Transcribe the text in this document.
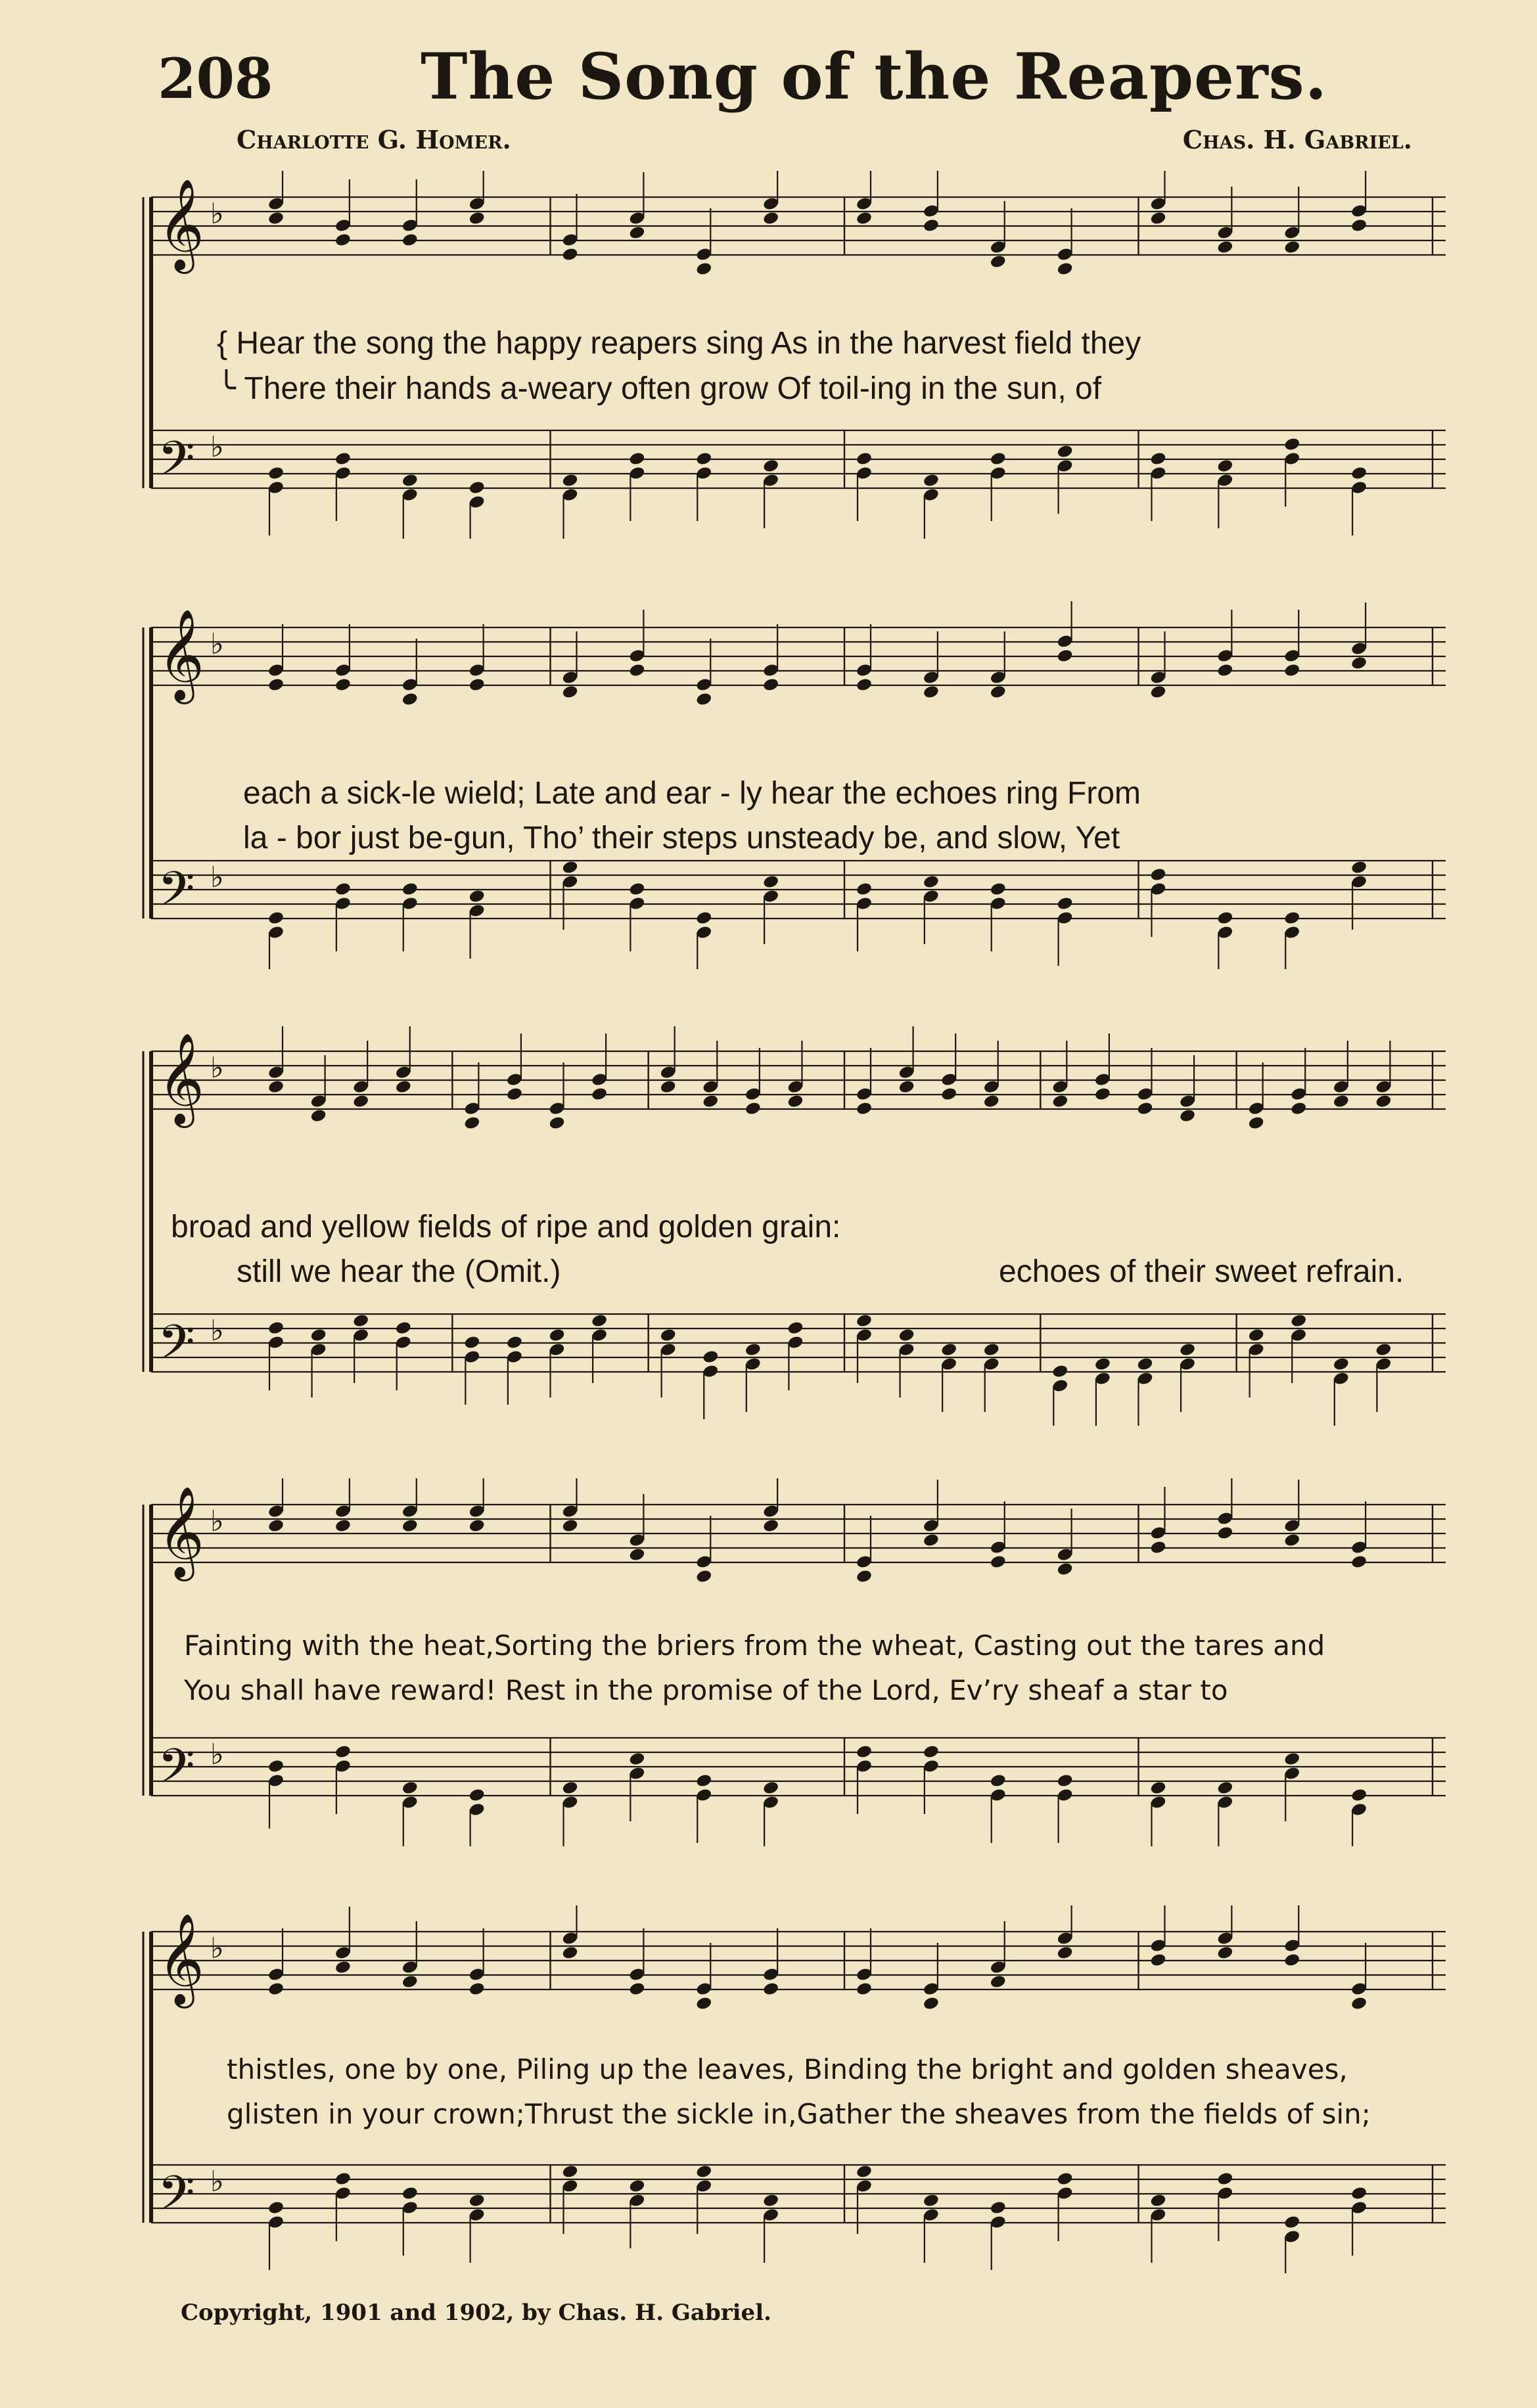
208 The Song of the Reapers.
Charlotte G. Homer.	Chas. H. Gabriel.
𝄞 ♭
𝄢 ♭
{ Hear the song the happy reapers sing As in the harvest field they
╰ There their hands a-weary often grow Of toil-ing in the sun, of
𝄞 ♭
𝄢 ♭
each a sick-le wield; Late and ear - ly hear the echoes ring From
la - bor just be-gun, Tho’ their steps unsteady be, and slow, Yet
𝄞 ♭
𝄢 ♭
broad and yellow fields of ripe and golden grain:
still we hear the (Omit.)	echoes of their sweet refrain.
𝄞 ♭
𝄢 ♭
Fainting with the heat,Sorting the briers from the wheat, Casting out the tares and
You shall have reward! Rest in the promise of the Lord, Ev’ry sheaf a star to
𝄞 ♭
𝄢 ♭
thistles, one by one, Piling up the leaves, Binding the bright and golden sheaves,
glisten in your crown;Thrust the sickle in,Gather the sheaves from the fields of sin;
Copyright, 1901 and 1902, by Chas. H. Gabriel.
